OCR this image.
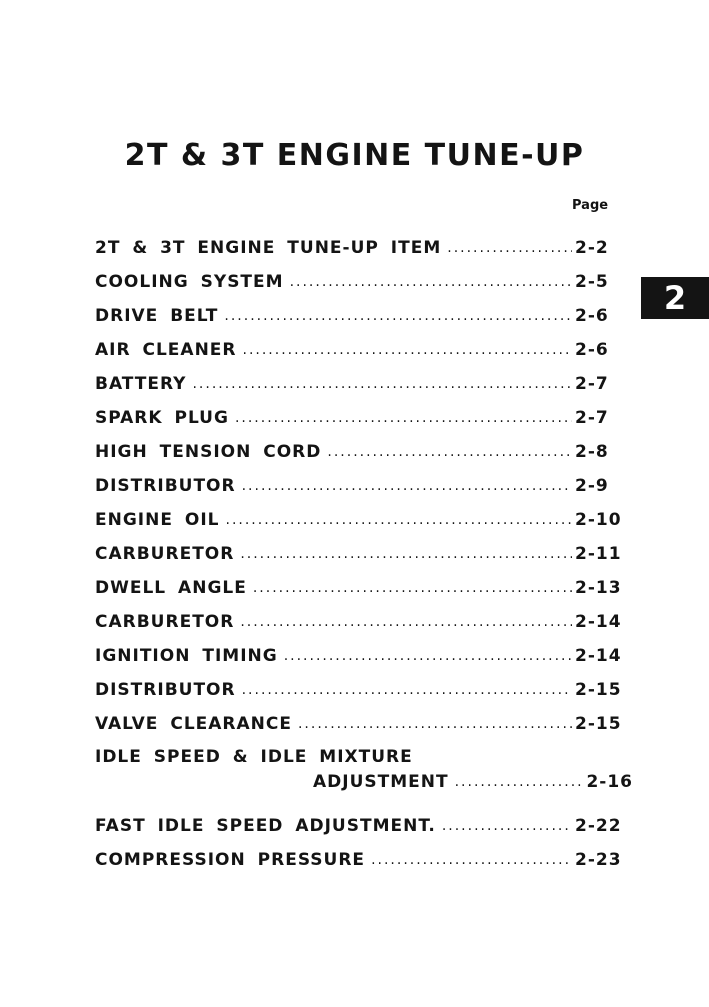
2T & 3T ENGINE TUNE-UP
Page
2
2T & 3T ENGINE TUNE-UP ITEM .....	2-2
COOLING SYSTEM .....	2-5
DRIVE BELT .....	2-6
AIR CLEANER .....	2-6
BATTERY .....	2-7
SPARK PLUG .....	2-7
HIGH TENSION CORD .....	2-8
DISTRIBUTOR .....	2-9
ENGINE OIL .....	2-10
CARBURETOR .....	2-11
DWELL ANGLE .....	2-13
CARBURETOR .....	2-14
IGNITION TIMING .....	2-14
DISTRIBUTOR .....	2-15
VALVE CLEARANCE .....	2-15
IDLE SPEED & IDLE MIXTURE
ADJUSTMENT .....	2-16
FAST IDLE SPEED ADJUSTMENT. .....	2-22
COMPRESSION PRESSURE .....	2-23
